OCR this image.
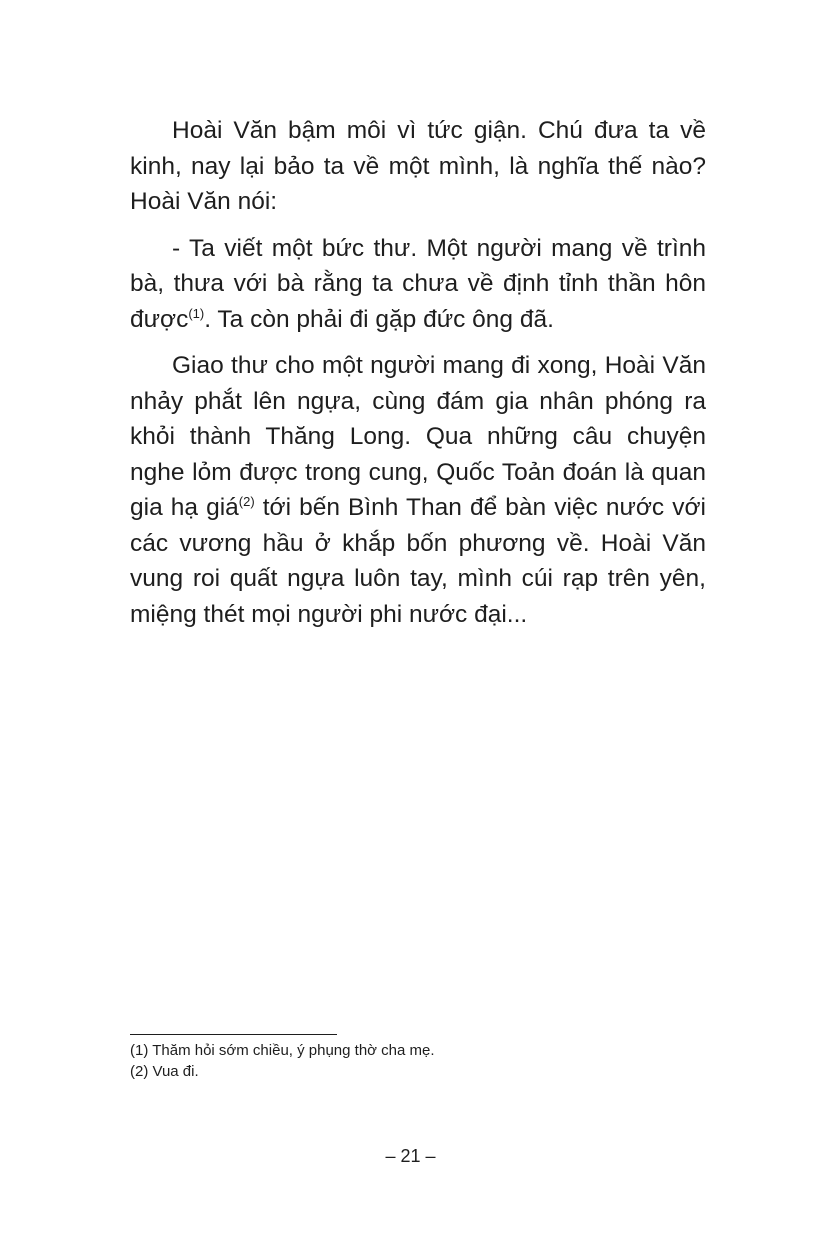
Hoài Văn bậm môi vì tức giận. Chú đưa ta về kinh, nay lại bảo ta về một mình, là nghĩa thế nào? Hoài Văn nói:

- Ta viết một bức thư. Một người mang về trình bà, thưa với bà rằng ta chưa về định tỉnh thần hôn được$^{(1)}$. Ta còn phải đi gặp đức ông đã.

Giao thư cho một người mang đi xong, Hoài Văn nhảy phắt lên ngựa, cùng đám gia nhân phóng ra khỏi thành Thăng Long. Qua những câu chuyện nghe lỏm được trong cung, Quốc Toản đoán là quan gia hạ giá$^{(2)}$ tới bến Bình Than để bàn việc nước với các vương hầu ở khắp bốn phương về. Hoài Văn vung roi quất ngựa luôn tay, mình cúi rạp trên yên, miệng thét mọi người phi nước đại...

(1) Thăm hỏi sớm chiều, ý phụng thờ cha mẹ.

(2) Vua đi.

– 21 –
